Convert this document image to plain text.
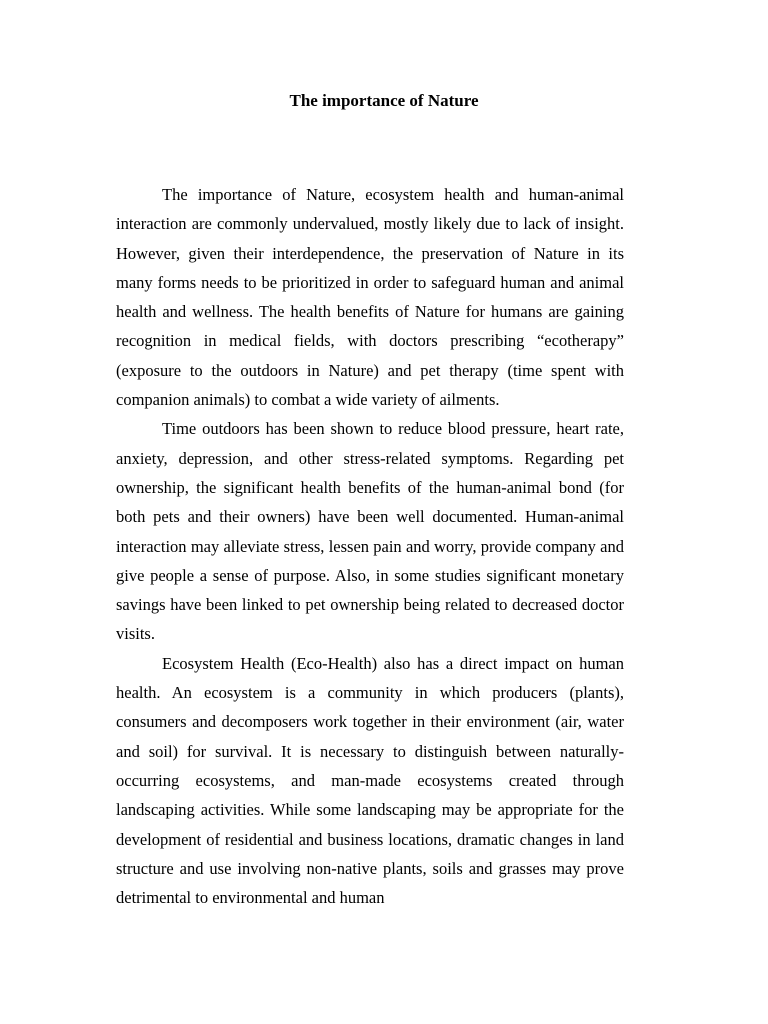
The importance of Nature

The importance of Nature, ecosystem health and human-animal interaction are commonly undervalued, mostly likely due to lack of insight. However, given their interdependence, the preservation of Nature in its many forms needs to be prioritized in order to safeguard human and animal health and wellness. The health benefits of Nature for humans are gaining recognition in medical fields, with doctors prescribing “ecotherapy” (exposure to the outdoors in Nature) and pet therapy (time spent with companion animals) to combat a wide variety of ailments.

Time outdoors has been shown to reduce blood pressure, heart rate, anxiety, depression, and other stress-related symptoms. Regarding pet ownership, the significant health benefits of the human-animal bond (for both pets and their owners) have been well documented. Human-animal interaction may alleviate stress, lessen pain and worry, provide company and give people a sense of purpose. Also, in some studies significant monetary savings have been linked to pet ownership being related to decreased doctor visits.

Ecosystem Health (Eco-Health) also has a direct impact on human health. An ecosystem is a community in which producers (plants), consumers and decomposers work together in their environment (air, water and soil) for survival. It is necessary to distinguish between naturally-occurring ecosystems, and man-made ecosystems created through landscaping activities. While some landscaping may be appropriate for the development of residential and business locations, dramatic changes in land structure and use involving non-native plants, soils and grasses may prove detrimental to environmental and human
